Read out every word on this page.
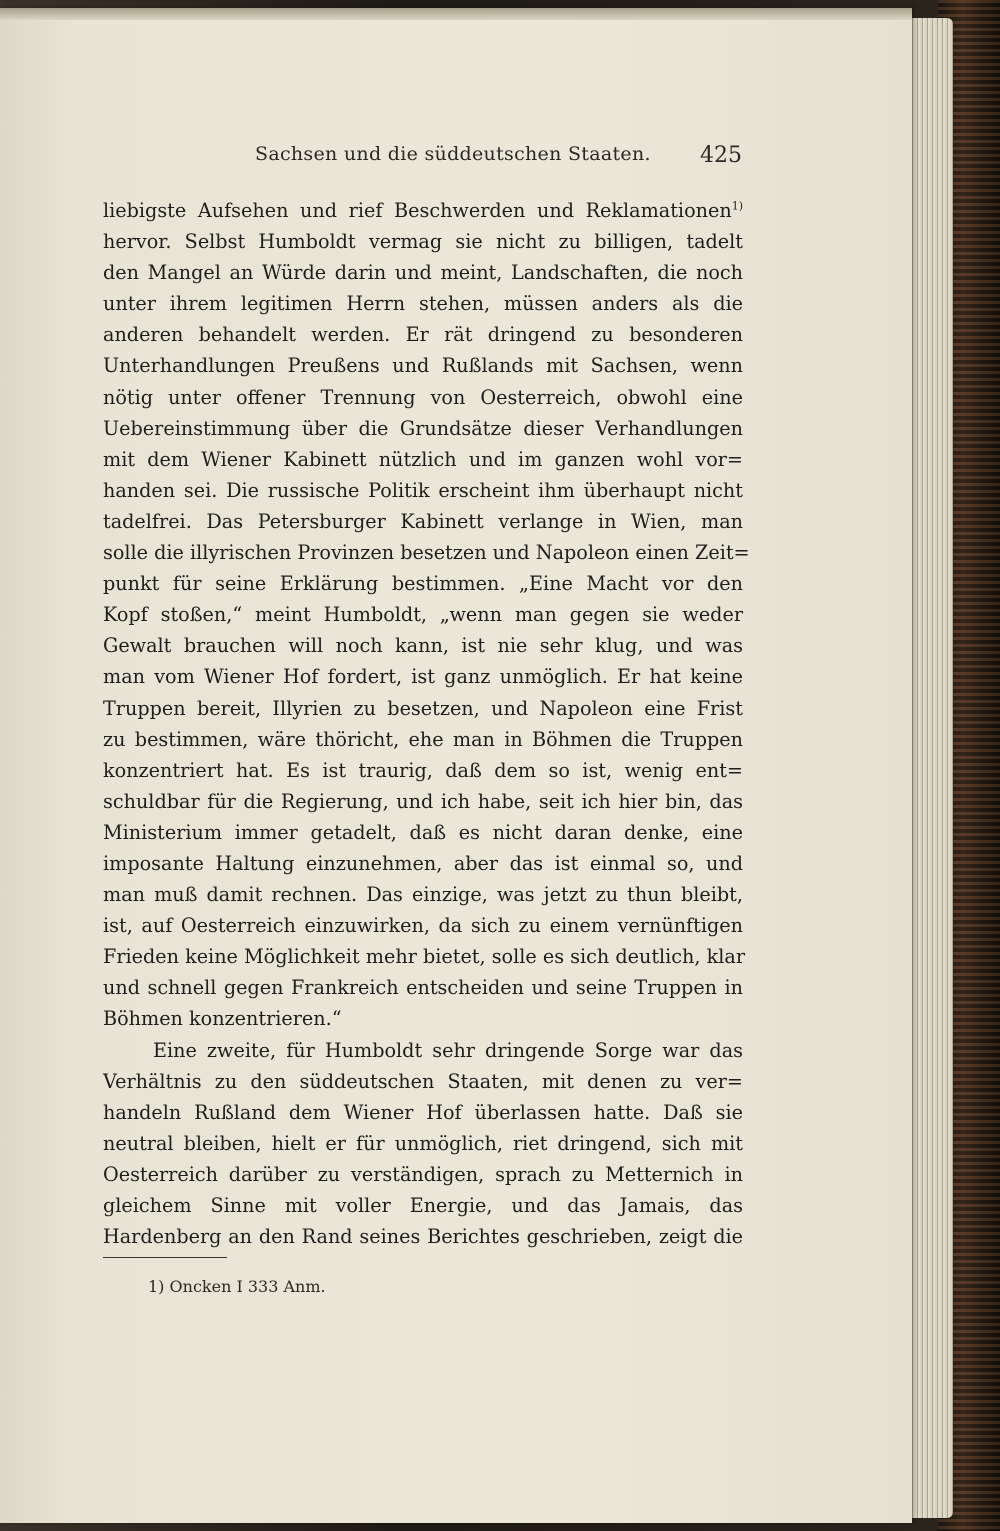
Sachsen und die süddeutschen Staaten. 425
liebigste Aufsehen und rief Beschwerden und Reklamationen$^{1)}$
hervor. Selbst Humboldt vermag sie nicht zu billigen, tadelt
den Mangel an Würde darin und meint, Landschaften, die noch
unter ihrem legitimen Herrn stehen, müssen anders als die
anderen behandelt werden. Er rät dringend zu besonderen
Unterhandlungen Preußens und Rußlands mit Sachsen, wenn
nötig unter offener Trennung von Oesterreich, obwohl eine
Uebereinstimmung über die Grundsätze dieser Verhandlungen
mit dem Wiener Kabinett nützlich und im ganzen wohl vor=
handen sei. Die russische Politik erscheint ihm überhaupt nicht
tadelfrei. Das Petersburger Kabinett verlange in Wien, man
solle die illyrischen Provinzen besetzen und Napoleon einen Zeit=
punkt für seine Erklärung bestimmen. „Eine Macht vor den
Kopf stoßen,“ meint Humboldt, „wenn man gegen sie weder
Gewalt brauchen will noch kann, ist nie sehr klug, und was
man vom Wiener Hof fordert, ist ganz unmöglich. Er hat keine
Truppen bereit, Illyrien zu besetzen, und Napoleon eine Frist
zu bestimmen, wäre thöricht, ehe man in Böhmen die Truppen
konzentriert hat. Es ist traurig, daß dem so ist, wenig ent=
schuldbar für die Regierung, und ich habe, seit ich hier bin, das
Ministerium immer getadelt, daß es nicht daran denke, eine
imposante Haltung einzunehmen, aber das ist einmal so, und
man muß damit rechnen. Das einzige, was jetzt zu thun bleibt,
ist, auf Oesterreich einzuwirken, da sich zu einem vernünftigen
Frieden keine Möglichkeit mehr bietet, solle es sich deutlich, klar
und schnell gegen Frankreich entscheiden und seine Truppen in
Böhmen konzentrieren.“
Eine zweite, für Humboldt sehr dringende Sorge war das
Verhältnis zu den süddeutschen Staaten, mit denen zu ver=
handeln Rußland dem Wiener Hof überlassen hatte. Daß sie
neutral bleiben, hielt er für unmöglich, riet dringend, sich mit
Oesterreich darüber zu verständigen, sprach zu Metternich in
gleichem Sinne mit voller Energie, und das Jamais, das
Hardenberg an den Rand seines Berichtes geschrieben, zeigt die
1) Oncken I 333 Anm.
